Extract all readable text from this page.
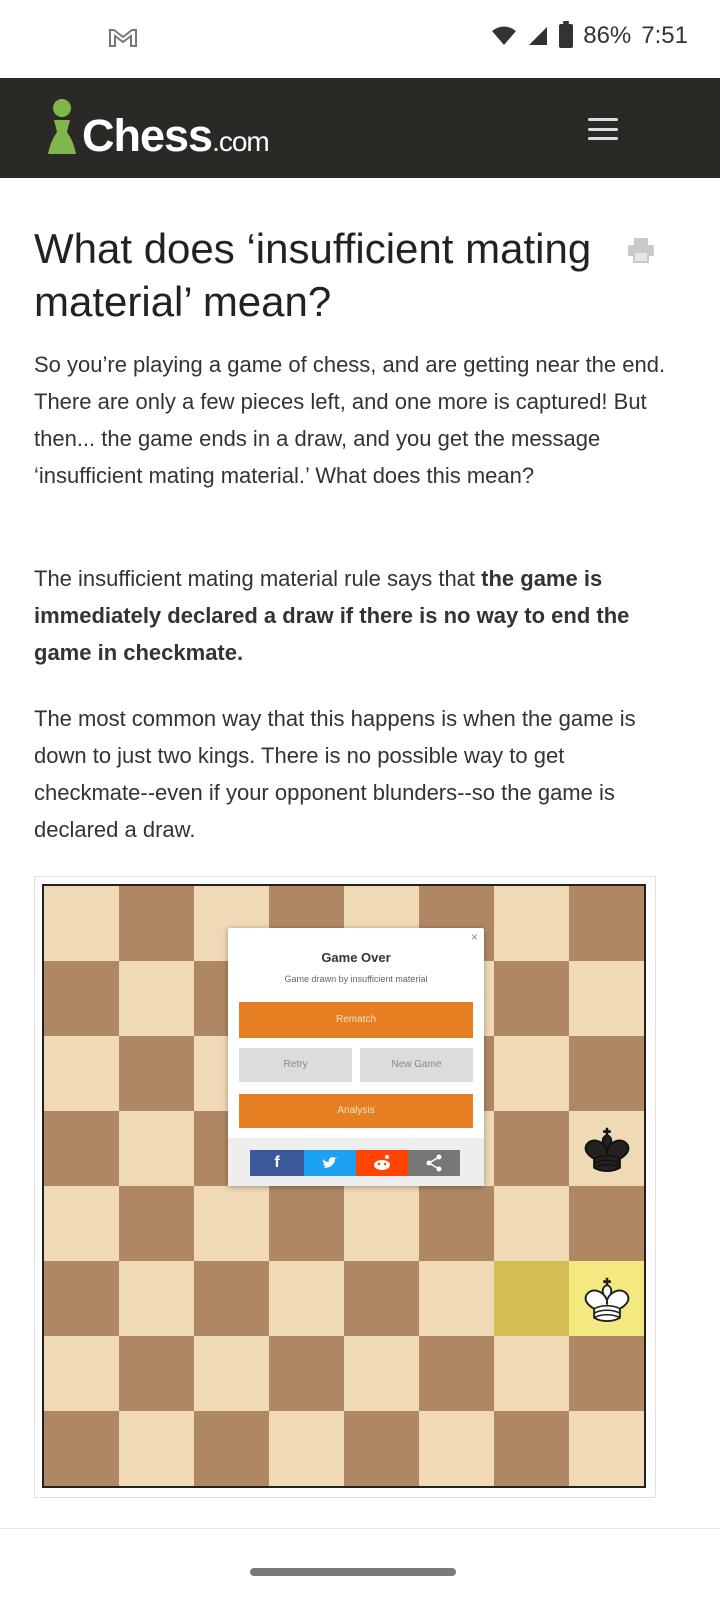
86% 7:51
Chess.com
What does ‘insufficient mating material’ mean?

So you’re playing a game of chess, and are getting near the end. There are only a few pieces left, and one more is captured! But then... the game ends in a draw, and you get the message ‘insufficient mating material.’ What does this mean?

The insufficient mating material rule says that the game is immediately declared a draw if there is no way to end the game in checkmate.

The most common way that this happens is when the game is down to just two kings. There is no possible way to get checkmate--even if your opponent blunders--so the game is declared a draw.

×
Game Over
Game drawn by insufficient material
Rematch
Retry	New Game
Analysis
f
